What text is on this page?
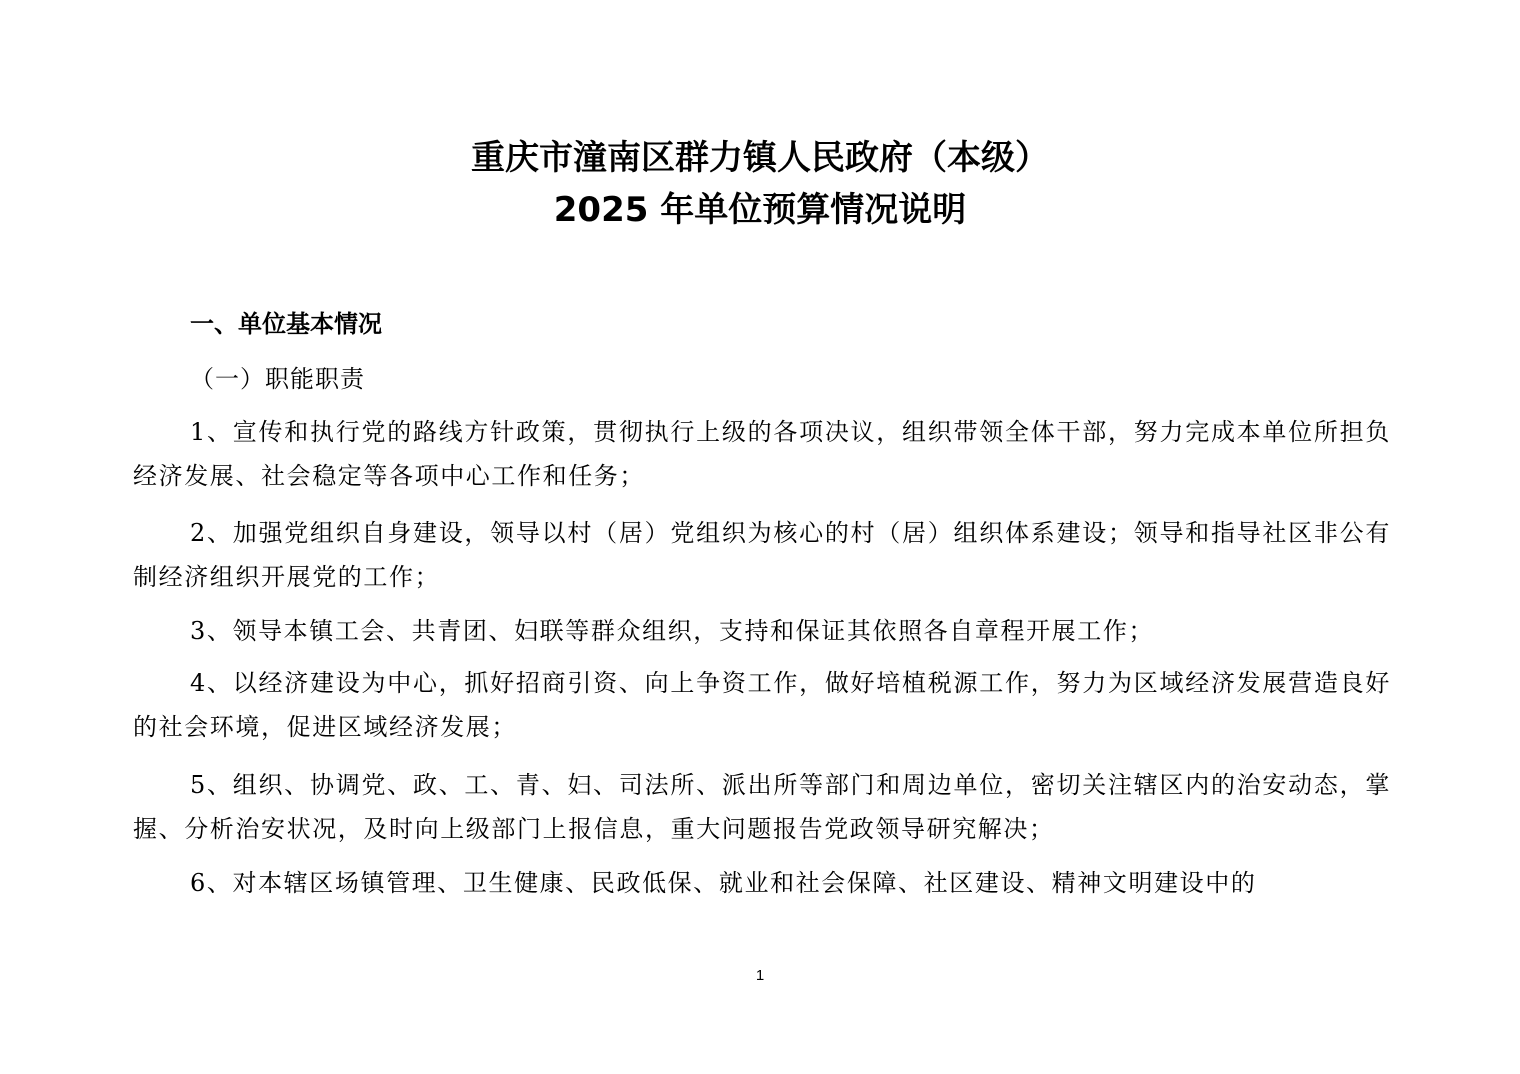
重庆市潼南区群力镇人民政府（本级）
2025 年单位预算情况说明
一、单位基本情况
（一）职能职责

1、宣传和执行党的路线方针政策，贯彻执行上级的各项决议，组织带领全体干部，努力完成本单位所担负经济发展、社会稳定等各项中心工作和任务；

2、加强党组织自身建设，领导以村（居）党组织为核心的村（居）组织体系建设；领导和指导社区非公有制经济组织开展党的工作；

3、领导本镇工会、共青团、妇联等群众组织，支持和保证其依照各自章程开展工作；

4、以经济建设为中心，抓好招商引资、向上争资工作，做好培植税源工作，努力为区域经济发展营造良好的社会环境，促进区域经济发展；

5、组织、协调党、政、工、青、妇、司法所、派出所等部门和周边单位，密切关注辖区内的治安动态，掌握、分析治安状况，及时向上级部门上报信息，重大问题报告党政领导研究解决；

6、对本辖区场镇管理、卫生健康、民政低保、就业和社会保障、社区建设、精神文明建设中的

1
